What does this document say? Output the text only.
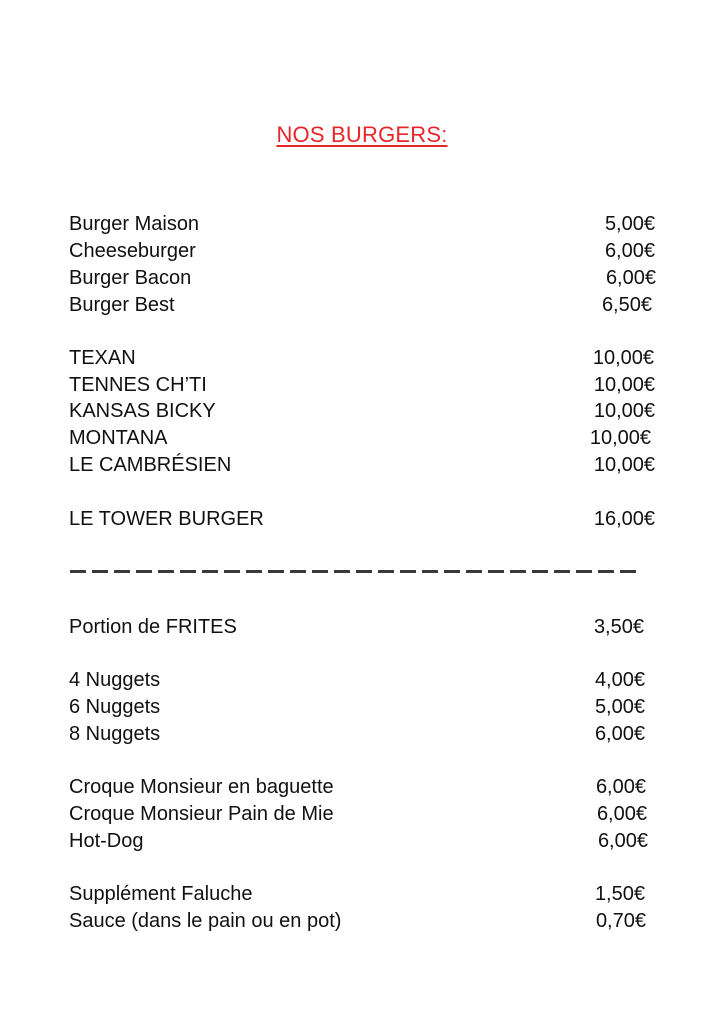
NOS BURGERS:
Burger Maison	5,00€
Cheeseburger	6,00€
Burger Bacon	6,00€
Burger Best	6,50€
TEXAN	10,00€
TENNES CH’TI	10,00€
KANSAS BICKY	10,00€
MONTANA	10,00€
LE CAMBRÉSIEN	10,00€
LE TOWER BURGER	16,00€
Portion de FRITES	3,50€
4 Nuggets	4,00€
6 Nuggets	5,00€
8 Nuggets	6,00€
Croque Monsieur en baguette	6,00€
Croque Monsieur Pain de Mie	6,00€
Hot-Dog	6,00€
Supplément Faluche	1,50€
Sauce (dans le pain ou en pot)	0,70€
